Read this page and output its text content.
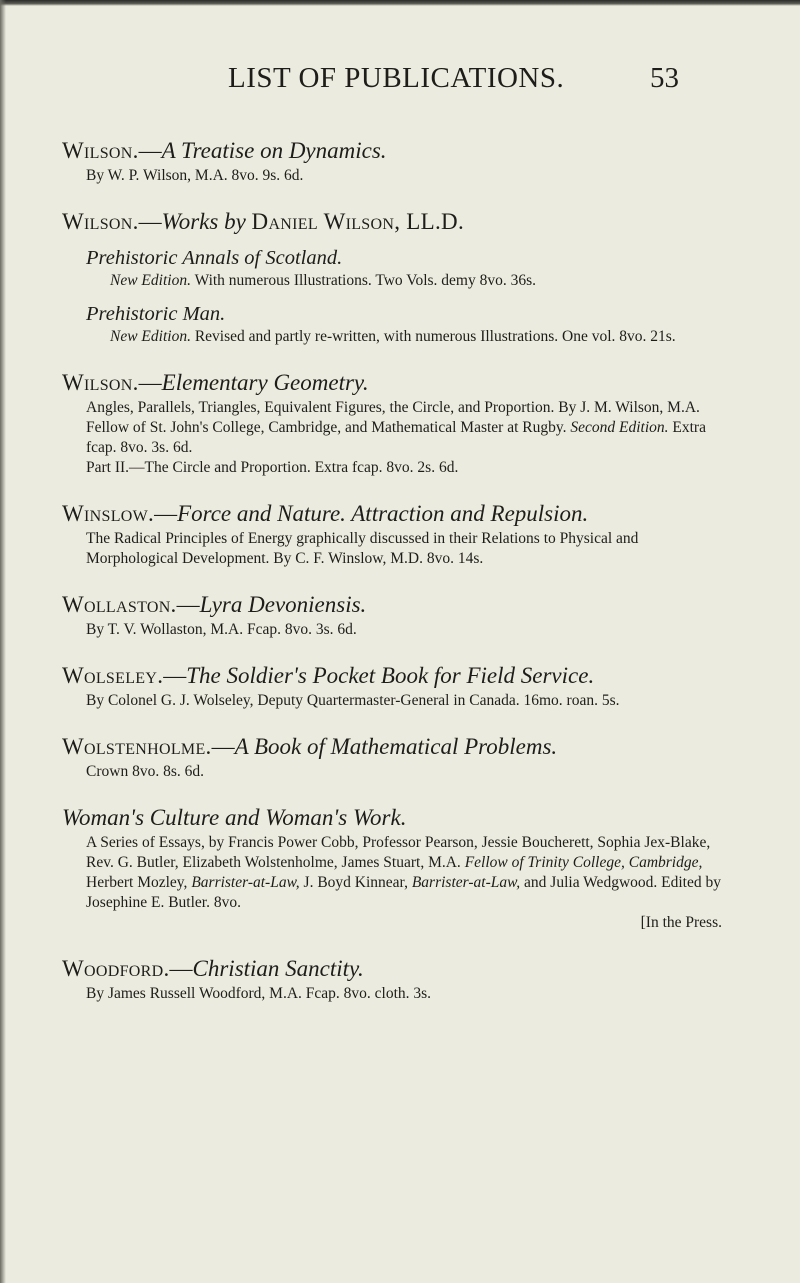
LIST OF PUBLICATIONS.	53
Wilson.—A Treatise on Dynamics.

By W. P. Wilson, M.A. 8vo. 9s. 6d.

Wilson.—Works by Daniel Wilson, LL.D.
Prehistoric Annals of Scotland.
New Edition. With numerous Illustrations. Two Vols. demy 8vo. 36s.
Prehistoric Man.
New Edition. Revised and partly re-written, with numerous Illustrations. One vol. 8vo. 21s.
Wilson.—Elementary Geometry.

Angles, Parallels, Triangles, Equivalent Figures, the Circle, and Proportion. By J. M. Wilson, M.A. Fellow of St. John's College, Cambridge, and Mathematical Master at Rugby. Second Edition. Extra fcap. 8vo. 3s. 6d.

Part II.—The Circle and Proportion. Extra fcap. 8vo. 2s. 6d.

Winslow.—Force and Nature. Attraction and Repulsion.

The Radical Principles of Energy graphically discussed in their Relations to Physical and Morphological Development. By C. F. Winslow, M.D. 8vo. 14s.

Wollaston.—Lyra Devoniensis.

By T. V. Wollaston, M.A. Fcap. 8vo. 3s. 6d.

Wolseley.—The Soldier's Pocket Book for Field Service.

By Colonel G. J. Wolseley, Deputy Quartermaster-General in Canada. 16mo. roan. 5s.

Wolstenholme.—A Book of Mathematical Problems.

Crown 8vo. 8s. 6d.

Woman's Culture and Woman's Work.

A Series of Essays, by Francis Power Cobb, Professor Pearson, Jessie Boucherett, Sophia Jex-Blake, Rev. G. Butler, Elizabeth Wolstenholme, James Stuart, M.A. Fellow of Trinity College, Cambridge, Herbert Mozley, Barrister-at-Law, J. Boyd Kinnear, Barrister-at-Law, and Julia Wedgwood. Edited by Josephine E. Butler. 8vo.

[In the Press.

Woodford.—Christian Sanctity.

By James Russell Woodford, M.A. Fcap. 8vo. cloth. 3s.
